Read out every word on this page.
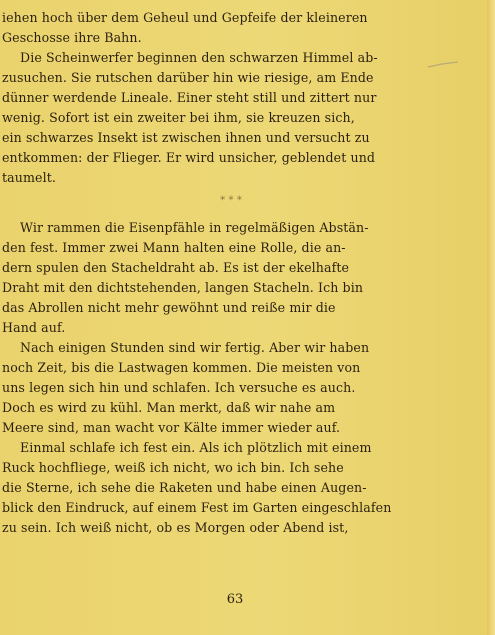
iehen hoch über dem Geheul und Gepfeife der kleineren
Geschosse ihre Bahn.
Die Scheinwerfer beginnen den schwarzen Himmel ab-
zusuchen. Sie rutschen darüber hin wie riesige, am Ende
dünner werdende Lineale. Einer steht still und zittert nur
wenig. Sofort ist ein zweiter bei ihm, sie kreuzen sich,
ein schwarzes Insekt ist zwischen ihnen und versucht zu
entkommen: der Flieger. Er wird unsicher, geblendet und
taumelt.

* * *

Wir rammen die Eisenpfähle in regelmäßigen Abstän-
den fest. Immer zwei Mann halten eine Rolle, die an-
dern spulen den Stacheldraht ab. Es ist der ekelhafte
Draht mit den dichtstehenden, langen Stacheln. Ich bin
das Abrollen nicht mehr gewöhnt und reiße mir die
Hand auf.
Nach einigen Stunden sind wir fertig. Aber wir haben
noch Zeit, bis die Lastwagen kommen. Die meisten von
uns legen sich hin und schlafen. Ich versuche es auch.
Doch es wird zu kühl. Man merkt, daß wir nahe am
Meere sind, man wacht vor Kälte immer wieder auf.
Einmal schlafe ich fest ein. Als ich plötzlich mit einem
Ruck hochfliege, weiß ich nicht, wo ich bin. Ich sehe
die Sterne, ich sehe die Raketen und habe einen Augen-
blick den Eindruck, auf einem Fest im Garten eingeschlafen
zu sein. Ich weiß nicht, ob es Morgen oder Abend ist,

63
